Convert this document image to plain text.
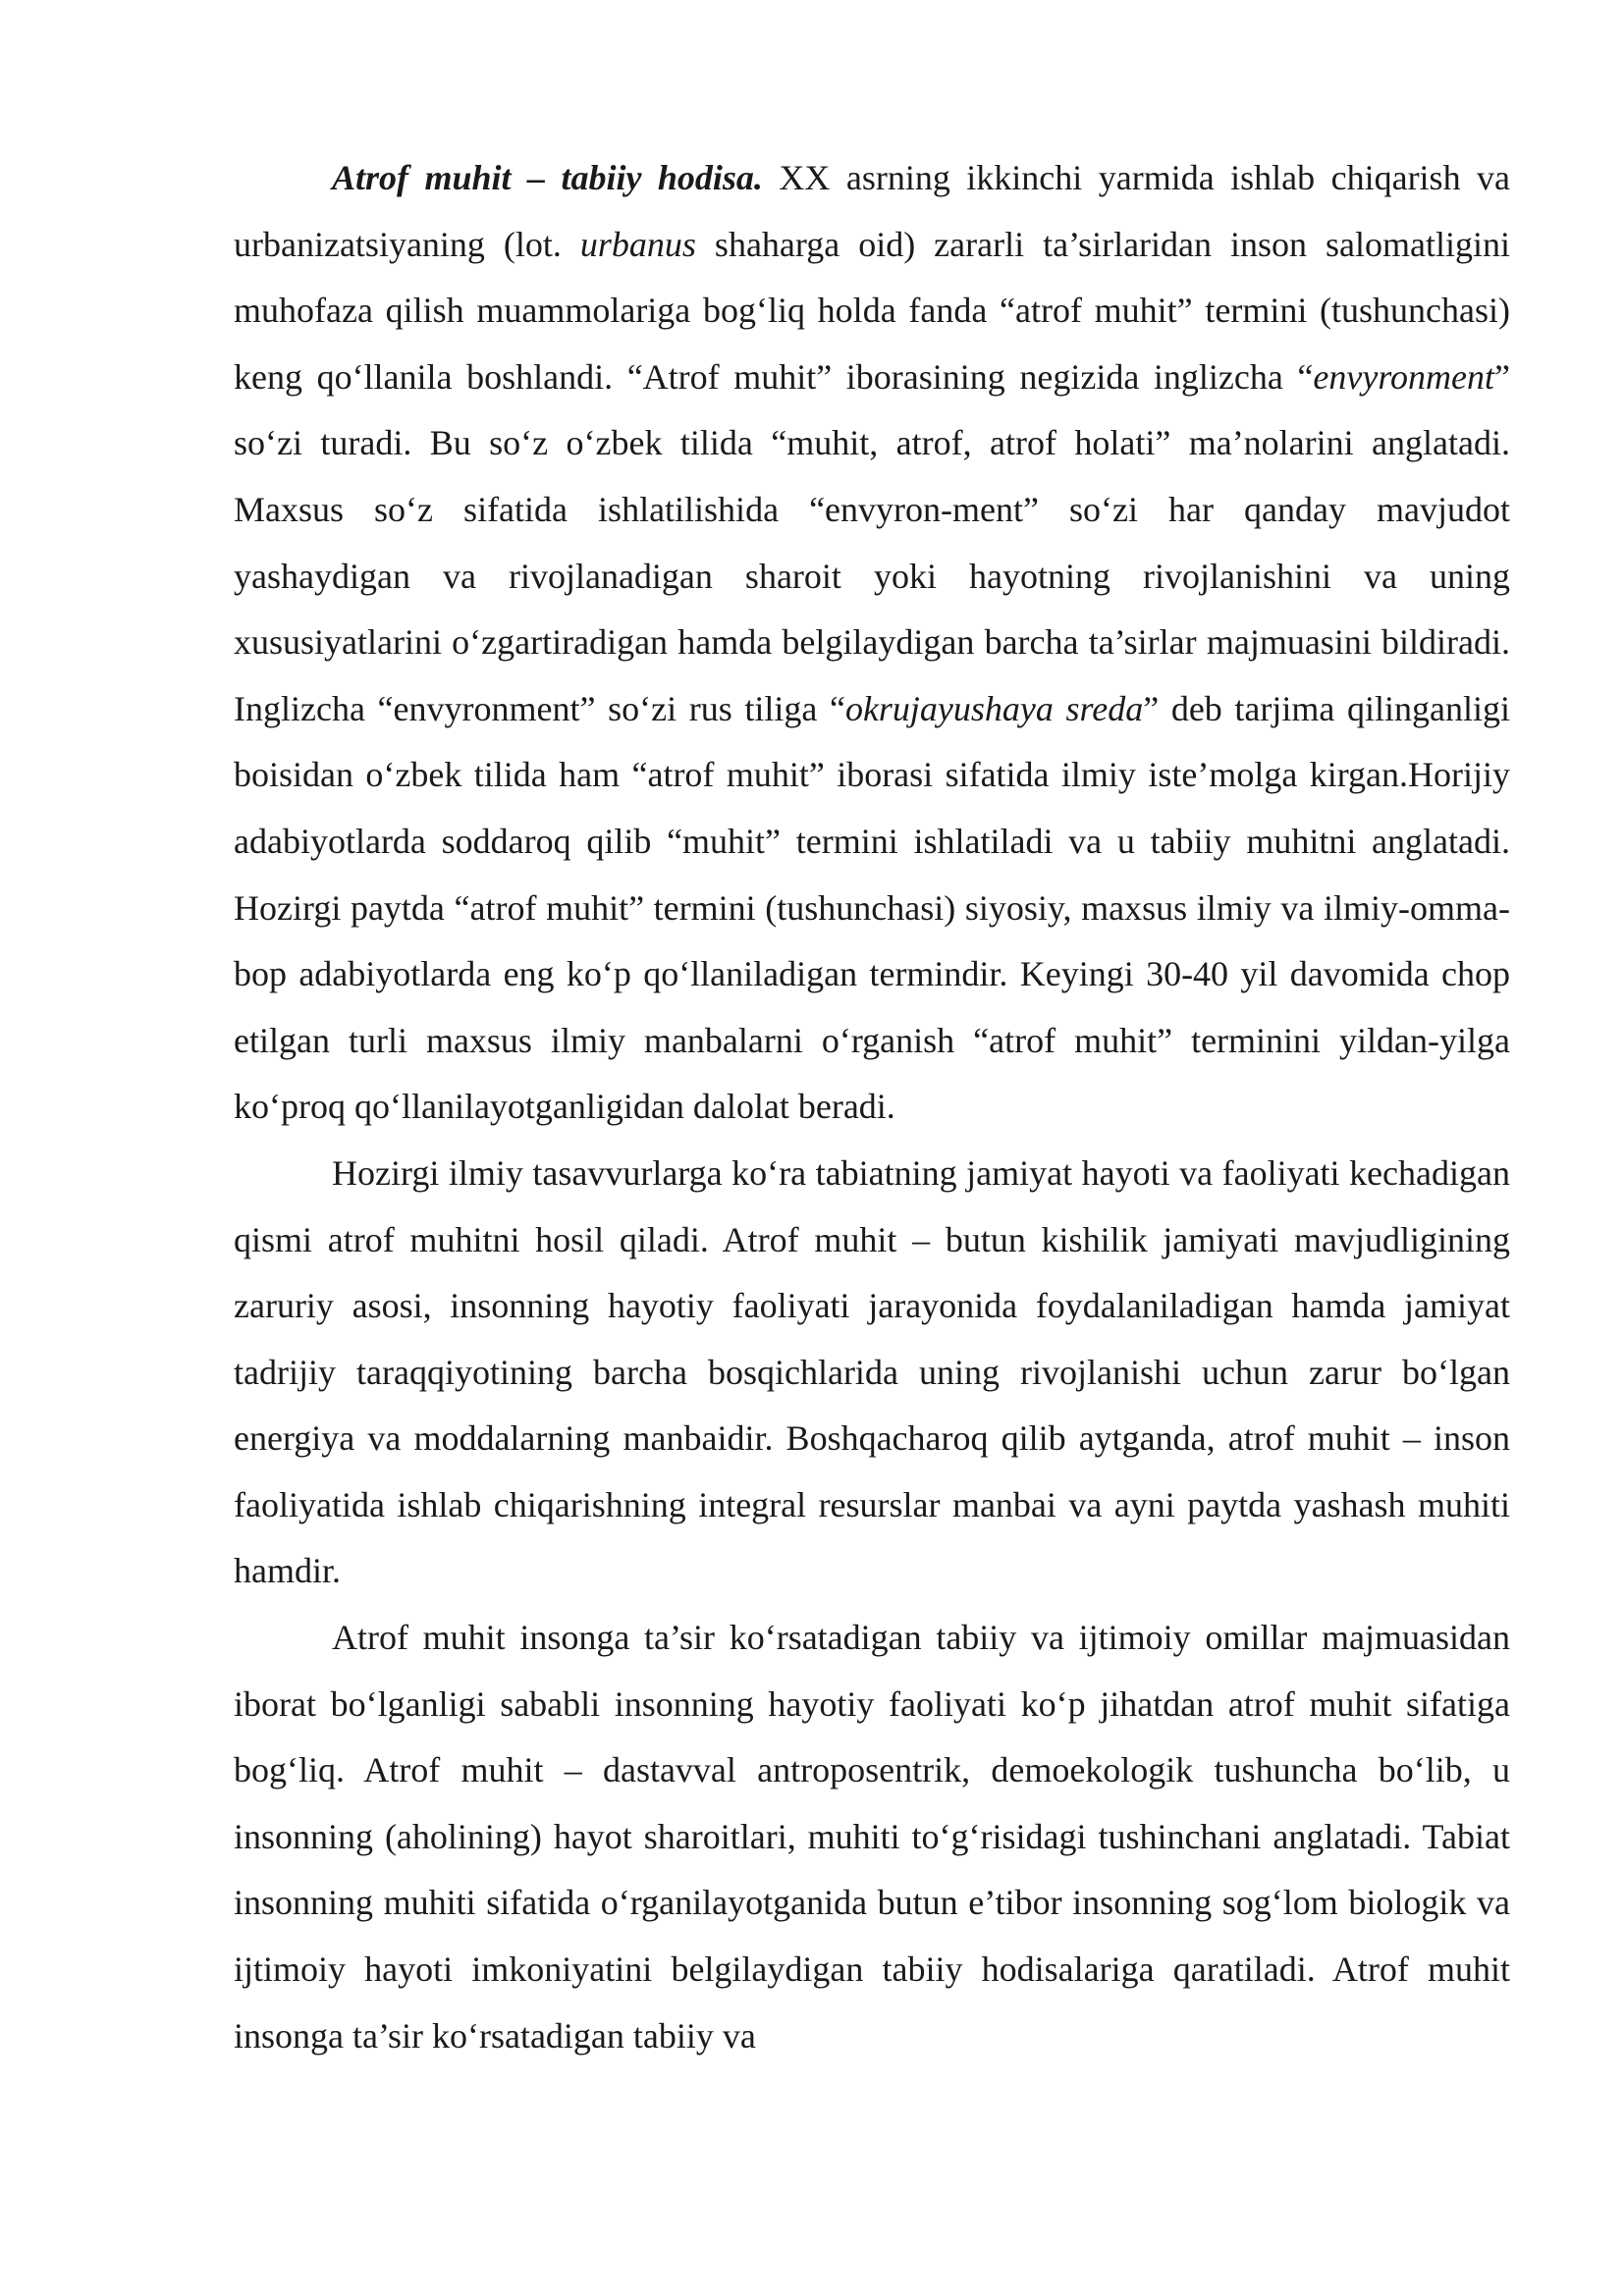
Atrof muhit – tabiiy hodisa. XX asrning ikkinchi yarmida ishlab chiqarish va urbanizatsiyaning (lot. urbanus shaharga oid) zararli ta’sirlaridan inson salomatligini muhofaza qilish muammolariga bog‘liq holda fanda “atrof muhit” termini (tushunchasi) keng qo‘llanila boshlandi. “Atrof muhit” iborasining negizida inglizcha “envyronment” so‘zi turadi. Bu so‘z o‘zbek tilida “muhit, atrof, atrof holati” ma’nolarini anglatadi. Maxsus so‘z sifatida ishlatilishida “envyron-ment” so‘zi har qanday mavjudot yashaydigan va rivojlanadigan sharoit yoki hayotning rivojlanishini va uning xususiyatlarini o‘zgartiradigan hamda belgilaydigan barcha ta’sirlar majmuasini bildiradi. Inglizcha “envyronment” so‘zi rus tiliga “okrujayushaya sreda” deb tarjima qilinganligi boisidan o‘zbek tilida ham “atrof muhit” iborasi sifatida ilmiy iste’molga kirgan.Horijiy adabiyotlarda soddaroq qilib “muhit” termini ishlatiladi va u tabiiy muhitni anglatadi. Hozirgi paytda “atrof muhit” termini (tushunchasi) siyosiy, maxsus ilmiy va ilmiy-omma-bop adabiyotlarda eng ko‘p qo‘llaniladigan termindir. Keyingi 30-40 yil davomida chop etilgan turli maxsus ilmiy manbalarni o‘rganish “atrof muhit” terminini yildan-yilga ko‘proq qo‘llanilayotganligidan dalolat beradi.

Hozirgi ilmiy tasavvurlarga ko‘ra tabiatning jamiyat hayoti va faoliyati kechadigan qismi atrof muhitni hosil qiladi. Atrof muhit – butun kishilik jamiyati mavjudligining zaruriy asosi, insonning hayotiy faoliyati jarayonida foydalaniladigan hamda jamiyat tadrijiy taraqqiyotining barcha bosqichlarida uning rivojlanishi uchun zarur bo‘lgan energiya va moddalarning manbaidir. Boshqacharoq qilib aytganda, atrof muhit – inson faoliyatida ishlab chiqarishning integral resurslar manbai va ayni paytda yashash muhiti hamdir.

Atrof muhit insonga ta’sir ko‘rsatadigan tabiiy va ijtimoiy omillar majmuasidan iborat bo‘lganligi sababli insonning hayotiy faoliyati ko‘p jihatdan atrof muhit sifatiga bog‘liq. Atrof muhit – dastavval antroposentrik, demoekologik tushuncha bo‘lib, u insonning (aholining) hayot sharoitlari, muhiti to‘g‘risidagi tushinchani anglatadi. Tabiat insonning muhiti sifatida o‘rganilayotganida butun e’tibor insonning sog‘lom biologik va ijtimoiy hayoti imkoniyatini belgilaydigan tabiiy hodisalariga qaratiladi. Atrof muhit insonga ta’sir ko‘rsatadigan tabiiy va
